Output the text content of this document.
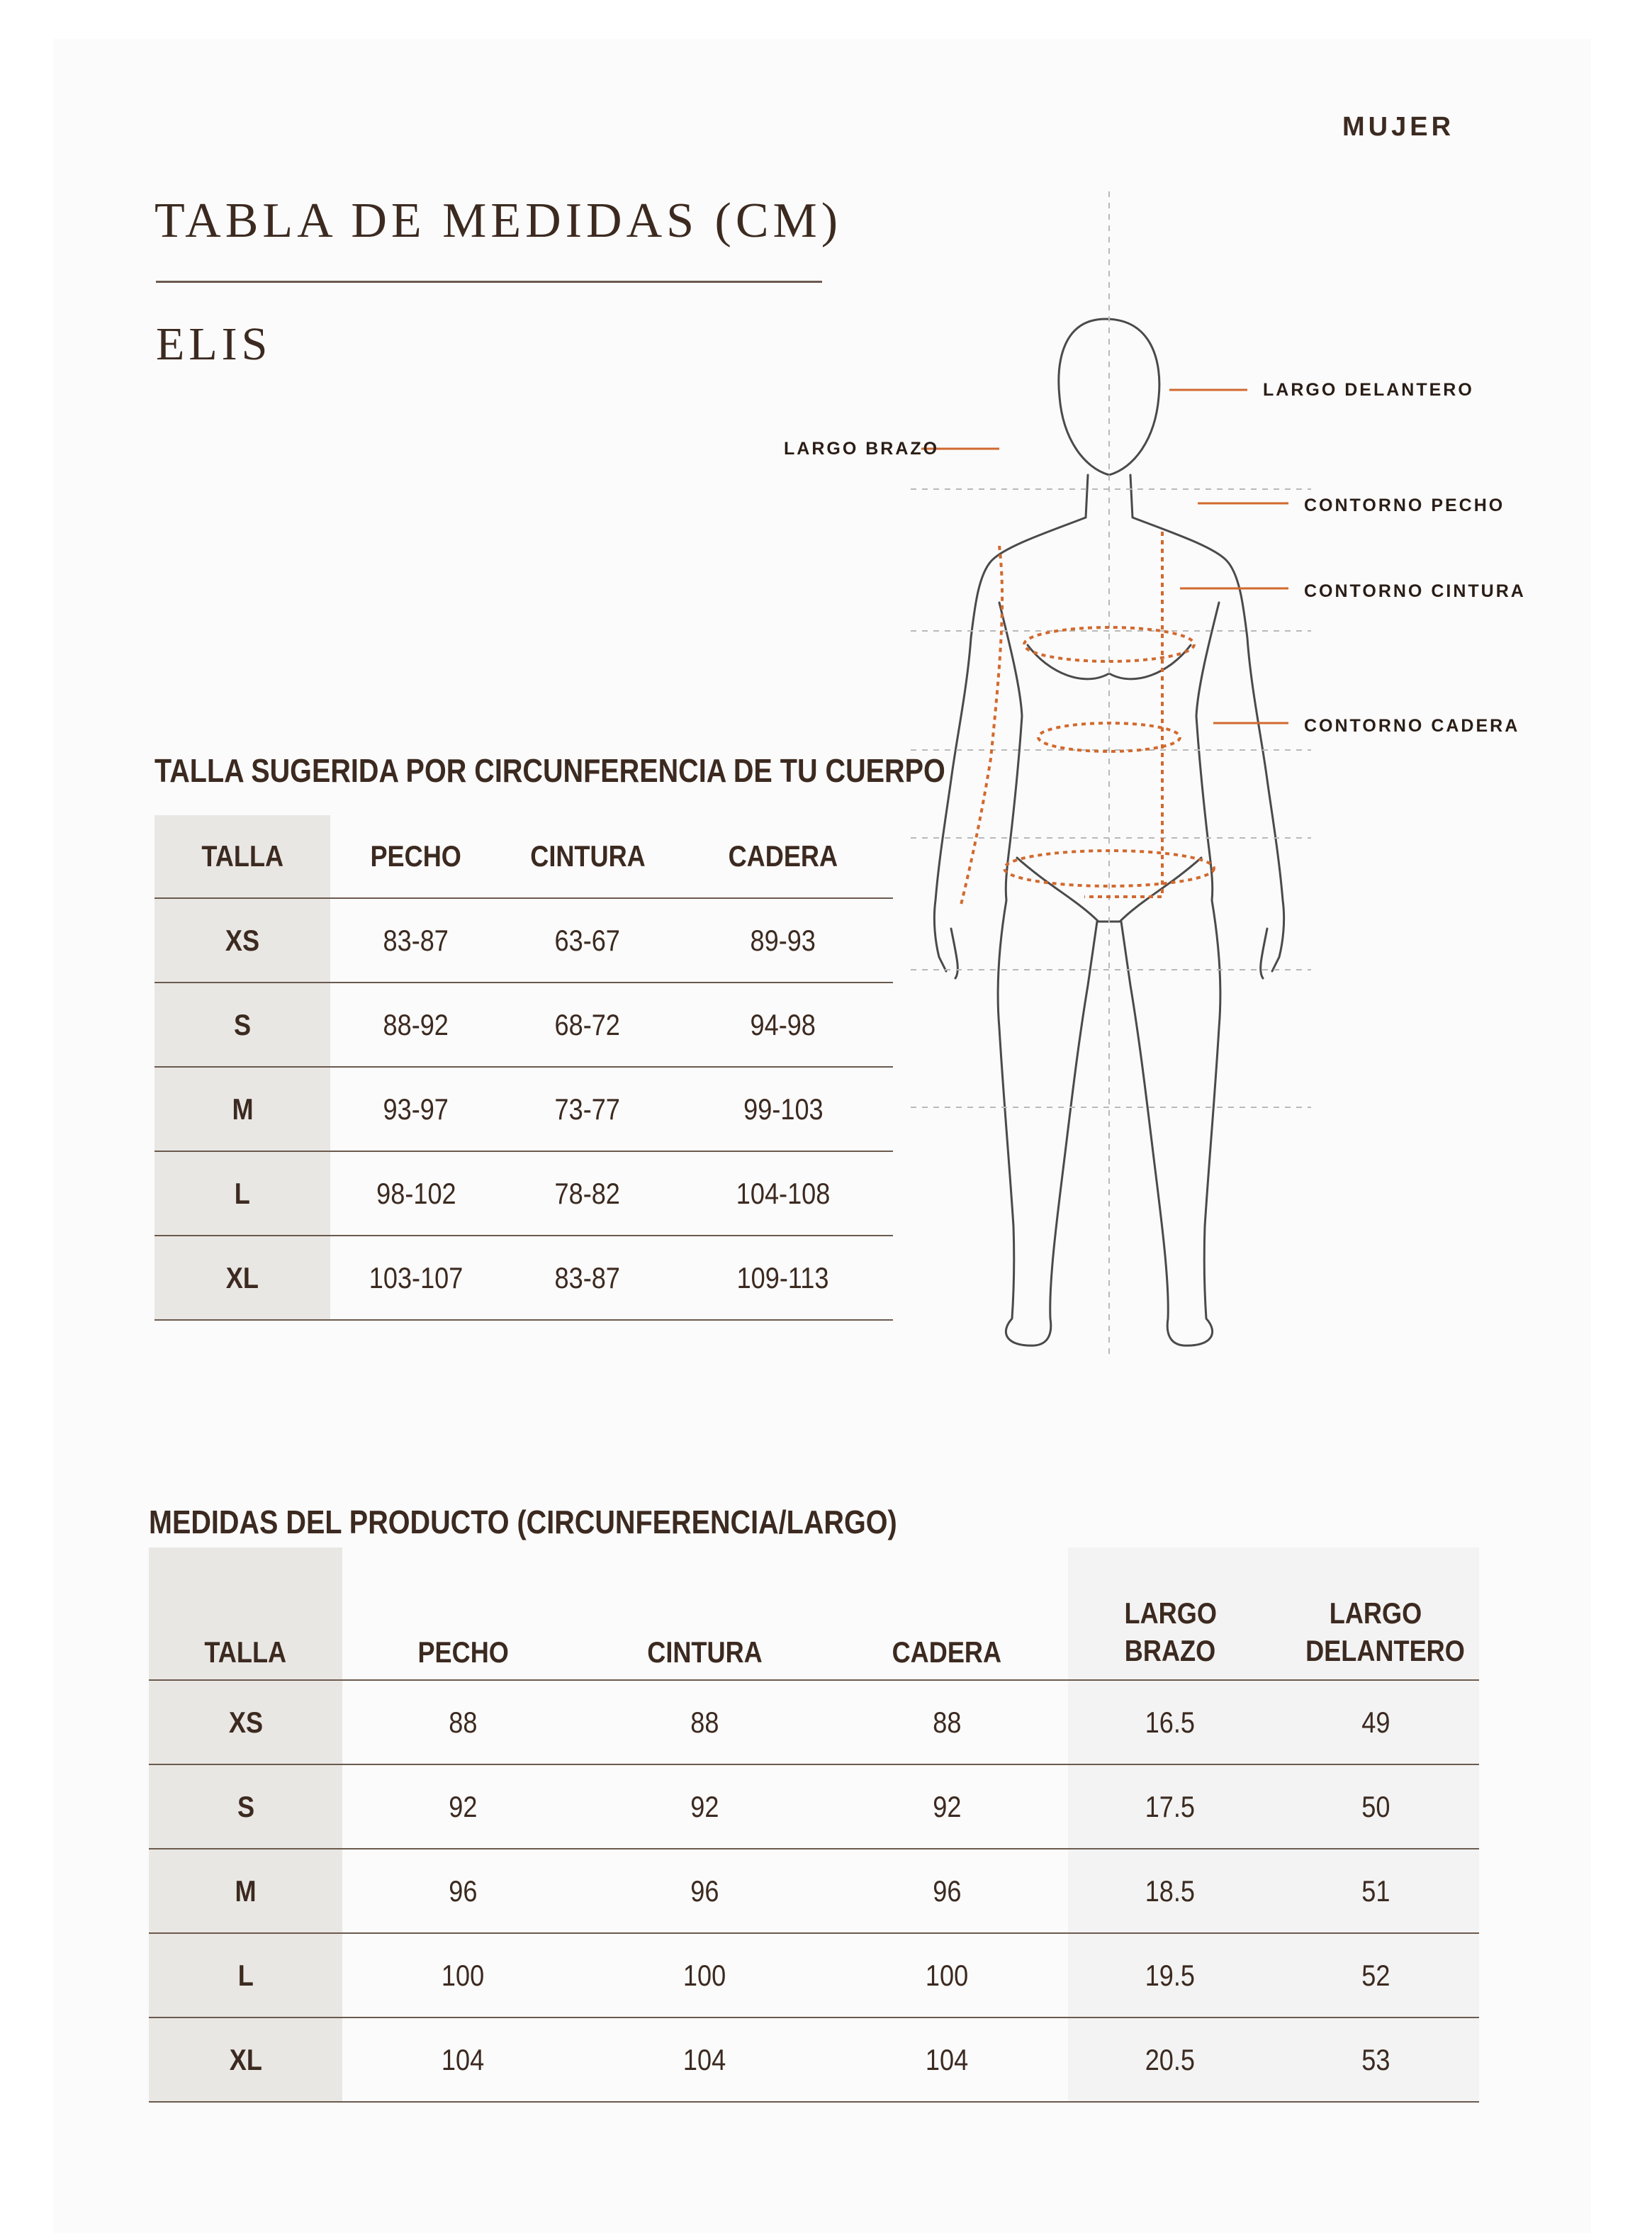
MUJER
TABLA DE MEDIDAS (CM)
ELIS
LARGO DELANTERO
LARGO BRAZO
CONTORNO PECHO
CONTORNO CINTURA
CONTORNO CADERA
TALLA SUGERIDA POR CIRCUNFERENCIA DE TU CUERPO
TALLA	PECHO	CINTURA	CADERA
XS	83-87	63-67	89-93
S	88-92	68-72	94-98
M	93-97	73-77	99-103
L	98-102	78-82	104-108
XL	103-107	83-87	109-113
MEDIDAS DEL PRODUCTO (CIRCUNFERENCIA/LARGO)
TALLA	PECHO	CINTURA	CADERA	LARGO BRAZO	LARGO DELANTERO
XS	88	88	88	16.5	49
S	92	92	92	17.5	50
M	96	96	96	18.5	51
L	100	100	100	19.5	52
XL	104	104	104	20.5	53
